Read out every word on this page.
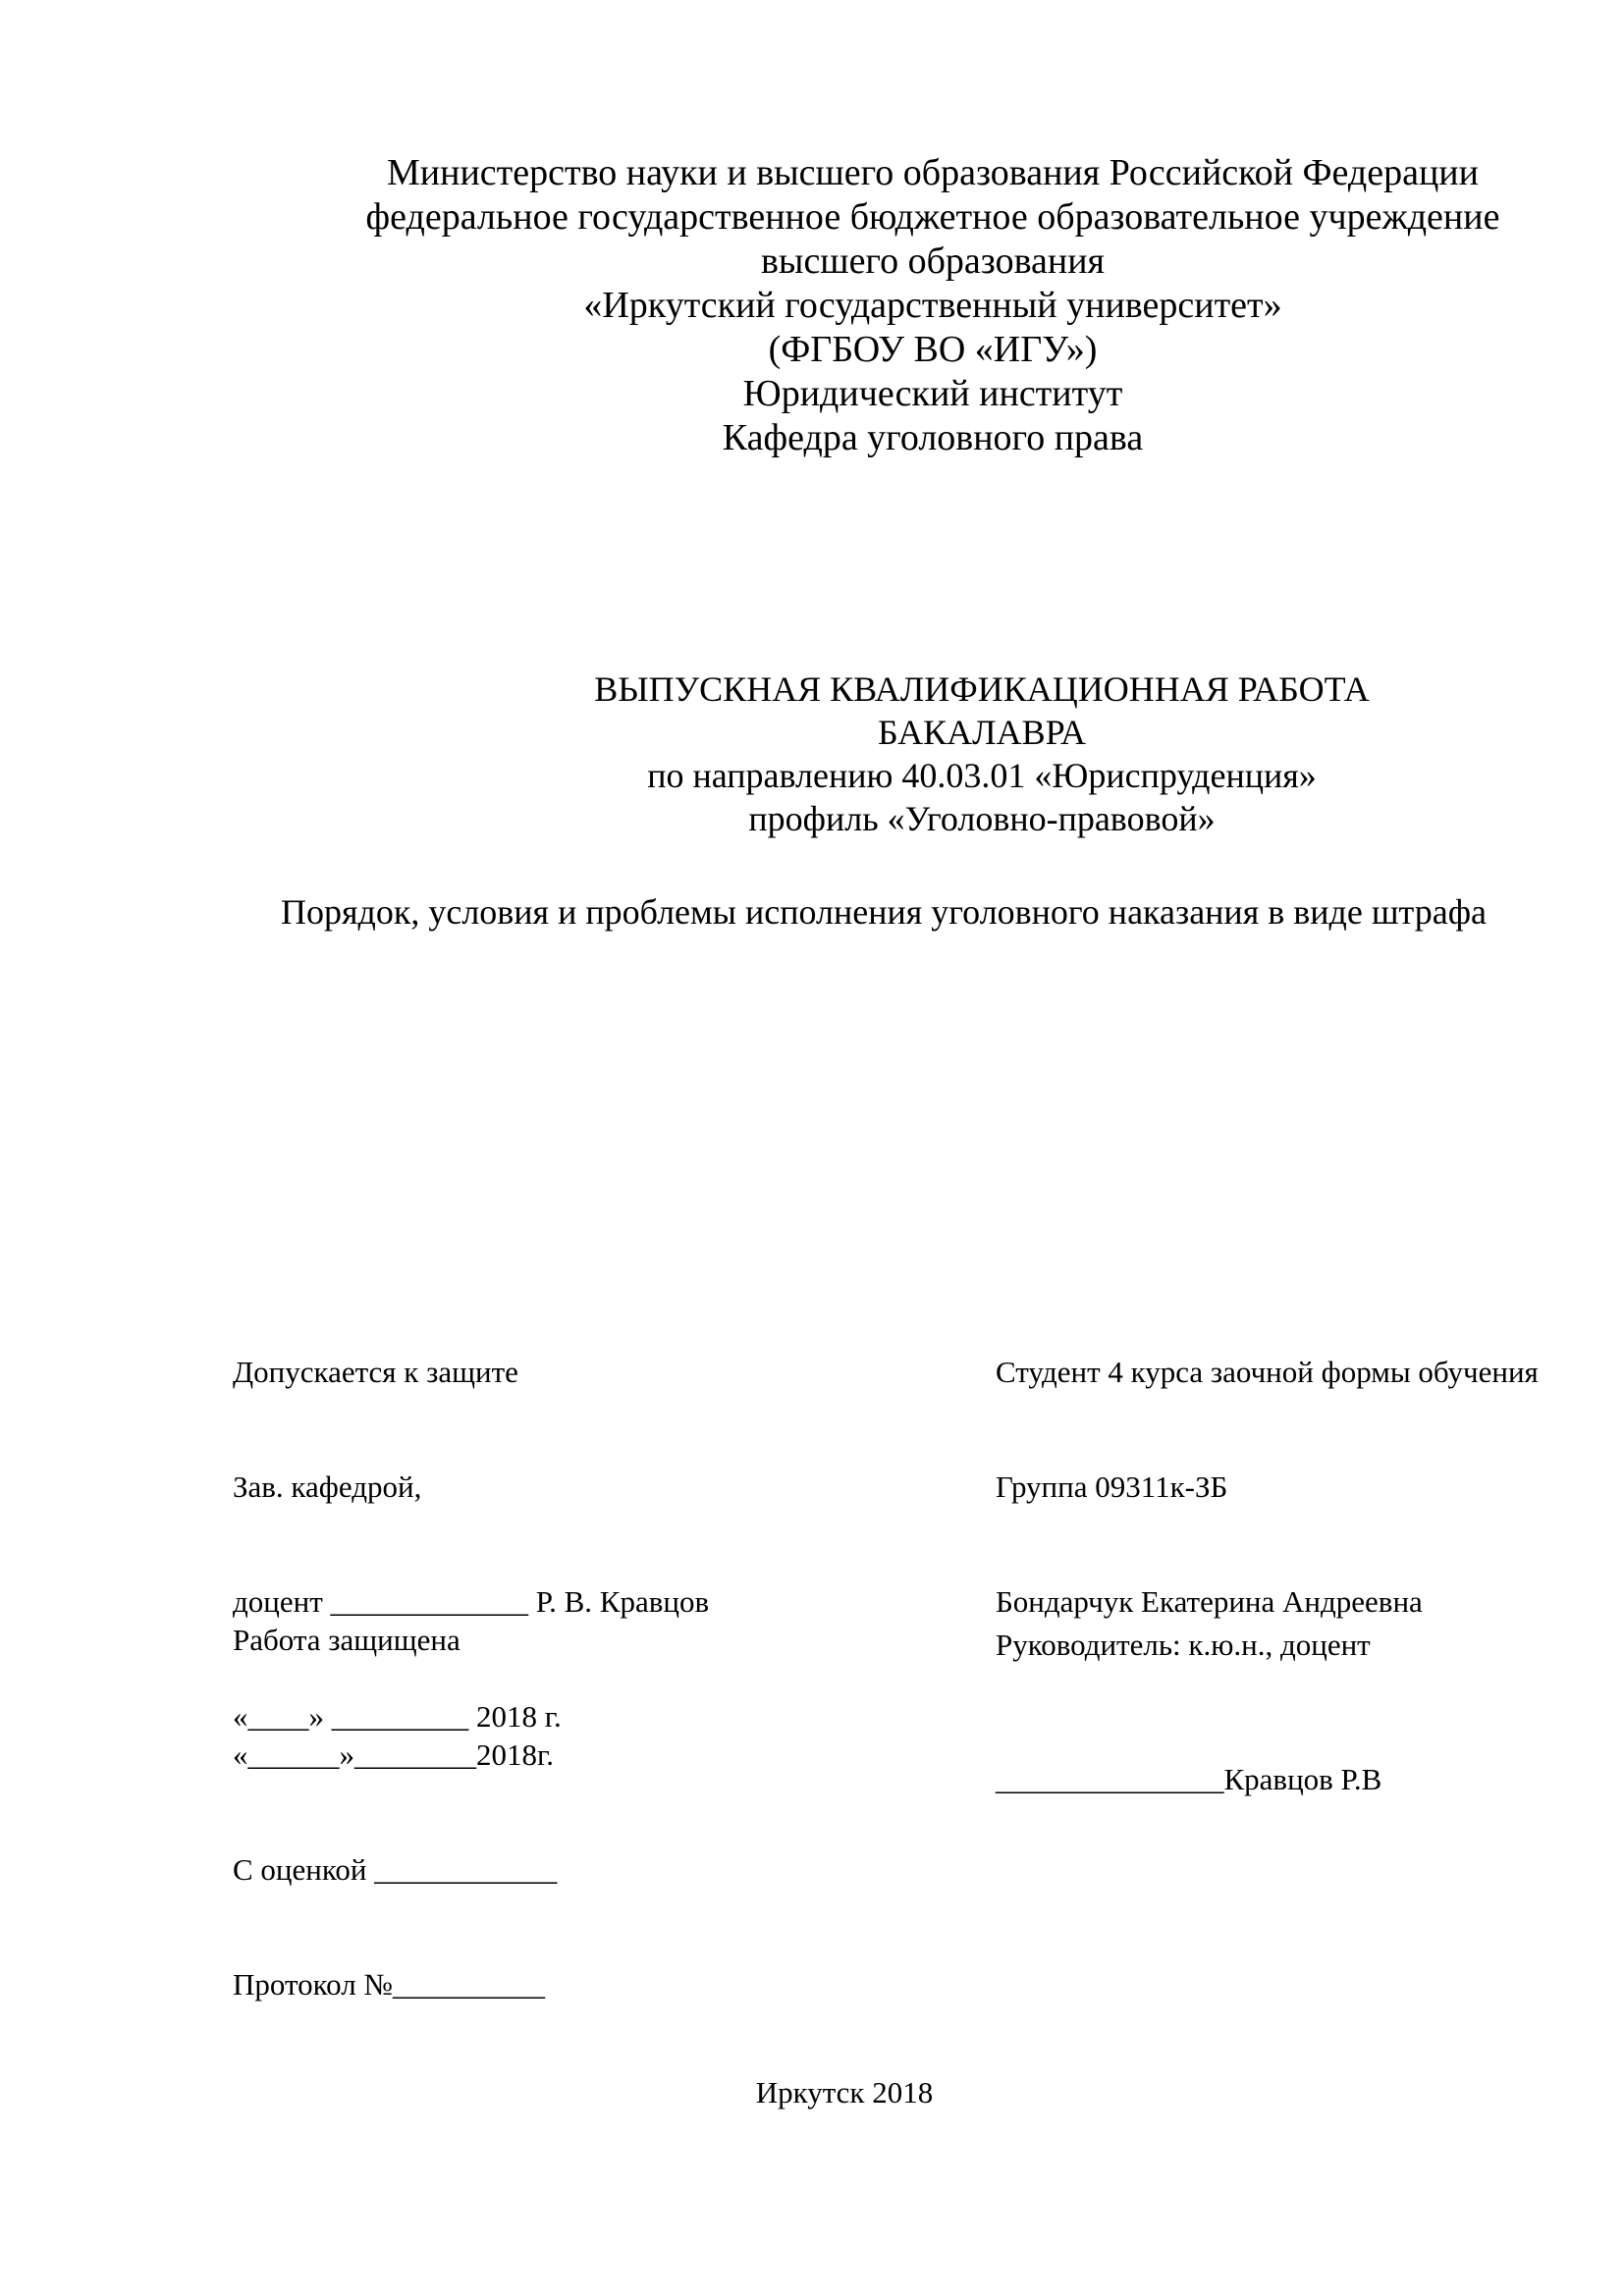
Министерство науки и высшего образования Российской Федерации
федеральное государственное бюджетное образовательное учреждение
высшего образования
«Иркутский государственный университет»
(ФГБОУ ВО «ИГУ»)
Юридический институт
Кафедра уголовного права
ВЫПУСКНАЯ КВАЛИФИКАЦИОННАЯ РАБОТА
БАКАЛАВРА
по направлению 40.03.01 «Юриспруденция»
профиль «Уголовно-правовой»
Порядок, условия и проблемы исполнения уголовного наказания в виде штрафа

Допускается к защите

Зав. кафедрой,

доцент _____________ Р. В. Кравцов

«____» _________ 2018 г.

Студент 4 курса заочной формы обучения

Группа 09311к-ЗБ

Бондарчук Екатерина Андреевна

Работа защищена

«______»________2018г.

С оценкой ____________

Протокол №__________

Руководитель: к.ю.н., доцент

_______________Кравцов Р.В

Иркутск 2018
